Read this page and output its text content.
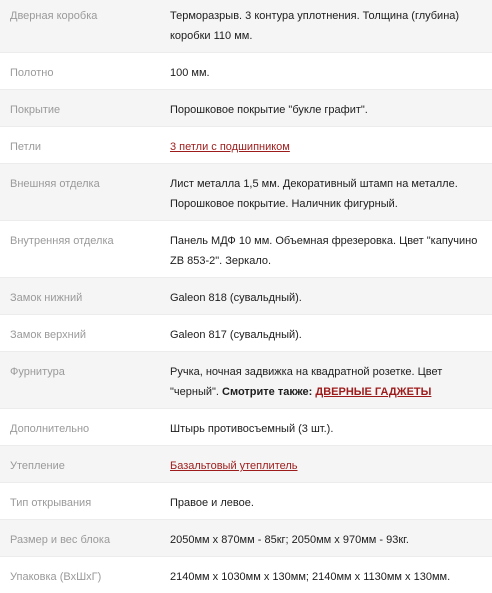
Дверная коробка	Терморазрыв. 3 контура уплотнения. Толщина (глубина) коробки 110 мм.
Полотно	100 мм.
Покрытие	Порошковое покрытие "букле графит".
Петли	3 петли с подшипником
Внешняя отделка	Лист металла 1,5 мм. Декоративный штамп на металле. Порошковое покрытие. Наличник фигурный.
Внутренняя отделка	Панель МДФ 10 мм. Объемная фрезеровка. Цвет "капучино ZB 853-2". Зеркало.
Замок нижний	Galeon 818 (сувальдный).
Замок верхний	Galeon 817 (сувальдный).
Фурнитура	Ручка, ночная задвижка на квадратной розетке. Цвет "черный". Смотрите также: ДВЕРНЫЕ ГАДЖЕТЫ
Дополнительно	Штырь противосъемный (3 шт.).
Утепление	Базальтовый утеплитель
Тип открывания	Правое и левое.
Размер и вес блока	2050мм x 870мм - 85кг; 2050мм x 970мм - 93кг.
Упаковка (ВхШхГ)	2140мм x 1030мм x 130мм; 2140мм x 1130мм x 130мм.
